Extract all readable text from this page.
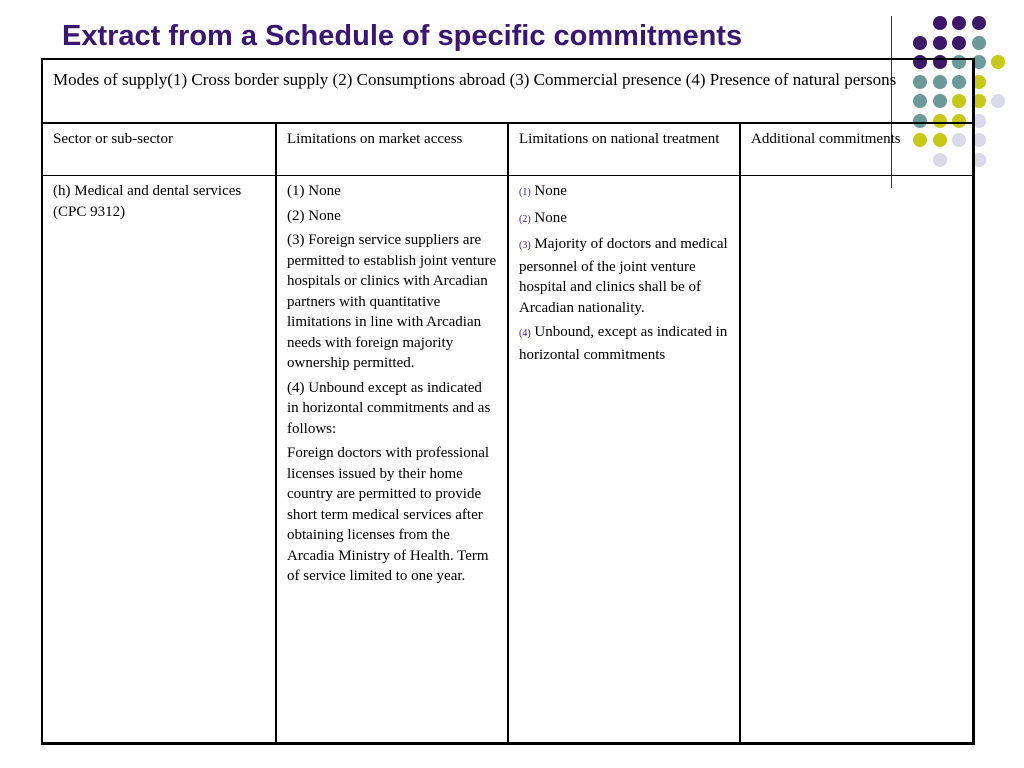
Extract from a Schedule of specific commitments
Modes of supply(1) Cross border supply (2) Consumptions abroad (3) Commercial presence (4) Presence of natural persons
Sector or sub-sector
(h) Medical and dental services (CPC 9312)
Limitations on market access

(1) None

(2) None

(3) Foreign service suppliers are permitted to establish joint venture hospitals or clinics with Arcadian partners with quantitative limitations in line with Arcadian needs with foreign majority ownership permitted.

(4) Unbound except as indicated in horizontal commitments and as follows:

Foreign doctors with professional licenses issued by their home country are permitted to provide short term medical services after obtaining licenses from the Arcadia Ministry of Health. Term of service limited to one year.

Limitations on national treatment

(1) None

(2) None

(3) Majority of doctors and medical personnel of the joint venture hospital and clinics shall be of Arcadian nationality.

(4) Unbound, except as indicated in horizontal commitments

Additional commitments
